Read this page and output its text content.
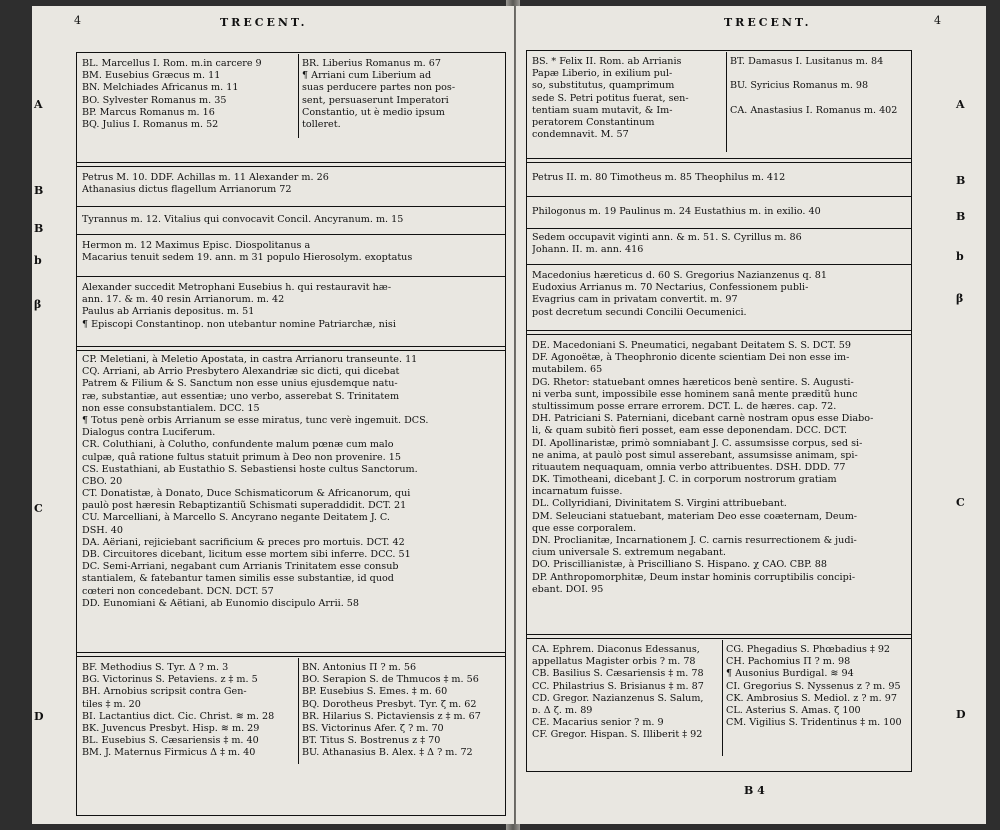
4	TRECENT.
A
B
B
b
β
C
D
BL. Marcellus I. Rom. m.in carcere 9
BM. Eusebius Græcus m. 11
BN. Melchiades Africanus m. 11
BO. Sylvester Romanus m. 35
BP. Marcus Romanus m. 16
BQ. Julius I. Romanus m. 52
BR. Liberius Romanus m. 67
¶ Arriani cum Liberium ad
suas perducere partes non pos-
sent, persuaserunt Imperatori
Constantio, ut è medio ipsum
tolleret.
Petrus M. 10. DDF. Achillas m. 11 Alexander m. 26
Athanasius dictus flagellum Arrianorum 72
Tyrannus m. 12. Vitalius qui convocavit Concil. Ancyranum. m. 15
Hermon m. 12 Maximus Episc. Diospolitanus a
Macarius tenuit sedem 19. ann. m 31 populo Hierosolym. exoptatus
Alexander succedit Metrophani Eusebius h. qui restauravit hæ-
ann. 17. & m. 40 resin Arrianorum. m. 42
Paulus ab Arrianis depositus. m. 51
¶ Episcopi Constantinop. non utebantur nomine Patriarchæ, nisi
CP. Meletiani, à Meletio Apostata, in castra Arrianoru transeunte. 11
CQ. Arriani, ab Arrio Presbytero Alexandriæ sic dicti, qui dicebat
Patrem & Filium & S. Sanctum non esse unius ejusdemque natu-
ræ, substantiæ, aut essentiæ; uno verbo, asserebat S. Trinitatem
non esse consubstantialem. DCC. 15
¶ Totus penè orbis Arrianum se esse miratus, tunc verè ingemuit. DCS.
Dialogus contra Luciferum.
CR. Coluthiani, à Colutho, confundente malum pœnæ cum malo
culpæ, quâ ratione fultus statuit primum à Deo non provenire. 15
CS. Eustathiani, ab Eustathio S. Sebastiensi hoste cultus Sanctorum.
CBO. 20
CT. Donatistæ, à Donato, Duce Schismaticorum & Africanorum, qui
paulò post hæresin Rebaptizantiũ Schismati superaddidit. DCT. 21
CU. Marcelliani, à Marcello S. Ancyrano negante Deitatem J. C.
DSH. 40
DA. Aëriani, rejiciebant sacrificium & preces pro mortuis. DCT. 42
DB. Circuitores dicebant, licitum esse mortem sibi inferre. DCC. 51
DC. Semi-Arriani, negabant cum Arrianis Trinitatem esse consub
stantialem, & fatebantur tamen similis esse substantiæ, id quod
cœteri non concedebant. DCN. DCT. 57
DD. Eunomiani & Aëtiani, ab Eunomio discipulo Arrii. 58
BF. Methodius S. Tyr. Δ ? m. 3
BG. Victorinus S. Petaviens. z ‡ m. 5
BH. Arnobius scripsit contra Gen-
tiles ‡ m. 20
BI. Lactantius dict. Cic. Christ. ≋ m. 28
BK. Juvencus Presbyt. Hisp. ≋ m. 29
BL. Eusebius S. Cæsariensis ‡ m. 40
BM. J. Maternus Firmicus Δ ‡ m. 40
BN. Antonius Π ? m. 56
BO. Serapion S. de Thmucos ‡ m. 56
BP. Eusebius S. Emes. ‡ m. 60
BQ. Dorotheus Presbyt. Tyr. ζ m. 62
BR. Hilarius S. Pictaviensis z ‡ m. 67
BS. Victorinus Afer. ζ ? m. 70
BT. Titus S. Bostrenus z ‡ 70
BU. Athanasius B. Alex. ‡ Δ ? m. 72
TRECENT.	4
A
B
B
b
β
C
D
BS. * Felix II. Rom. ab Arrianis
Papæ Liberio, in exilium pul-
so, substitutus, quamprimum
sede S. Petri potitus fuerat, sen-
tentiam suam mutavit, & Im-
peratorem Constantinum
condemnavit. M. 57
BT. Damasus I. Lusitanus m. 84
BU. Syricius Romanus m. 98
CA. Anastasius I. Romanus m. 402
Petrus II. m. 80 Timotheus m. 85 Theophilus m. 412
Philogonus m. 19 Paulinus m. 24 Eustathius m. in exilio. 40
Sedem occupavit viginti ann. & m. 51. S. Cyrillus m. 86
Johann. II. m. ann. 416
Macedonius hæreticus d. 60 S. Gregorius Nazianzenus q. 81
Eudoxius Arrianus m. 70 Nectarius, Confessionem publi-
Evagrius cam in privatam convertit. m. 97
post decretum secundi Concilii Oecumenici.
DE. Macedoniani S. Pneumatici, negabant Deitatem S. S. DCT. 59
DF. Agonoëtæ, à Theophronio dicente scientiam Dei non esse im-
mutabilem. 65
DG. Rhetor: statuebant omnes hæreticos benè sentire. S. Augusti-
ni verba sunt, impossibile esse hominem sanâ mente præditũ hunc
stultissimum posse errare errorem. DCT. L. de hæres. cap. 72.
DH. Patriciani S. Paterniani, dicebant carnè nostram opus esse Diabo-
li, & quam subitò fieri posset, eam esse deponendam. DCC. DCT.
DI. Apollinaristæ, primò somniabant J. C. assumsisse corpus, sed si-
ne anima, at paulò post simul asserebant, assumsisse animam, spi-
rituautem nequaquam, omnia verbo attribuentes. DSH. DDD. 77
DK. Timotheani, dicebant J. C. in corporum nostrorum gratiam
incarnatum fuisse.
DL. Collyridiani, Divinitatem S. Virgini attribuebant.
DM. Seleuciani statuebant, materiam Deo esse coæternam, Deum-
que esse corporalem.
DN. Proclianitæ, Incarnationem J. C. carnis resurrectionem & judi-
cium universale S. extremum negabant.
DO. Priscillianistæ, à Priscilliano S. Hispano. χ CAO. CBP. 88
DP. Anthropomorphitæ, Deum instar hominis corruptibilis concipi-
ebant. DOI. 95
CA. Ephrem. Diaconus Edessanus,
appellatus Magister orbis ? m. 78
CB. Basilius S. Cæsariensis ‡ m. 78
CC. Philastrius S. Brisianus ‡ m. 87
CD. Gregor. Nazianzenus S. Salum,
ᴅ. Δ ζ. m. 89
CE. Macarius senior ? m. 9
CF. Gregor. Hispan. S. Illiberit ‡ 92
CG. Phegadius S. Phœbadius ‡ 92
CH. Pachomius Π ? m. 98
¶ Ausonius Burdigal. ≋ 94
CI. Gregorius S. Nyssenus z ? m. 95
CK. Ambrosius S. Mediol. z ? m. 97
CL. Asterius S. Amas. ζ 100
CM. Vigilius S. Tridentinus ‡ m. 100
B 4
